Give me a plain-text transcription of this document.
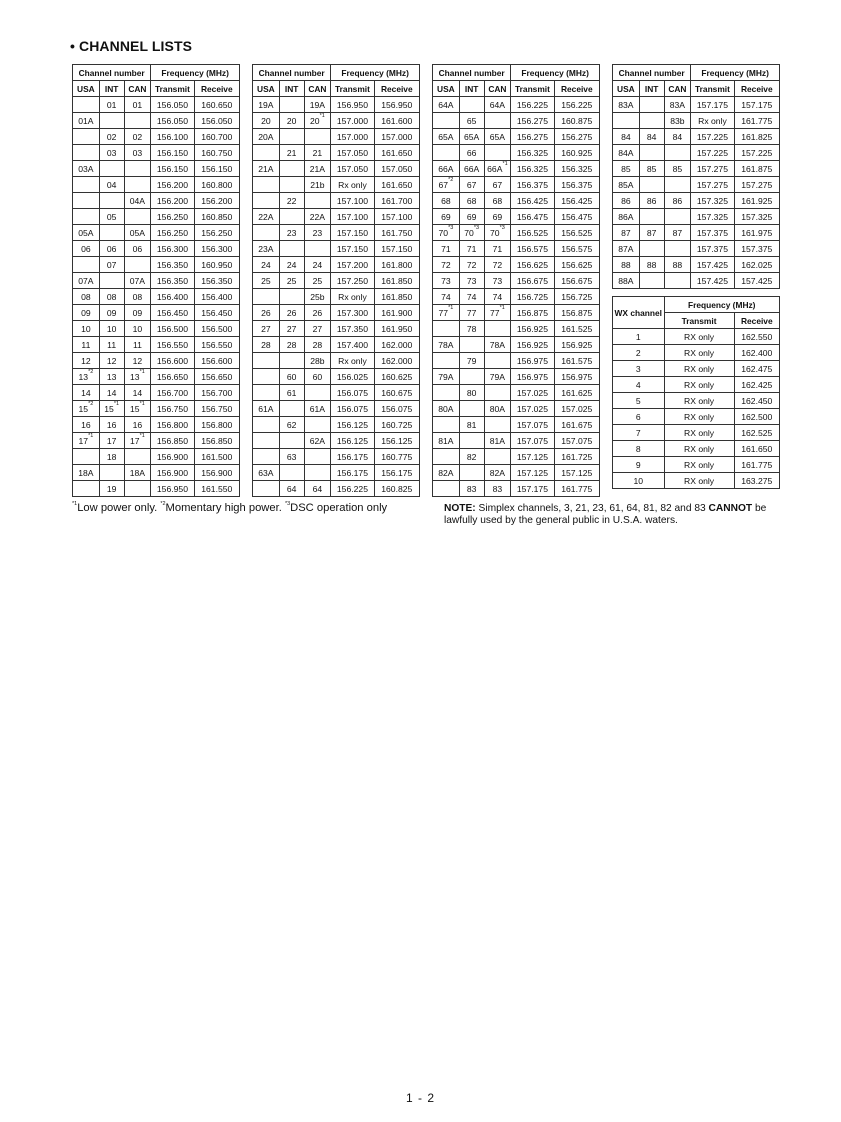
• CHANNEL LISTS
Channel number			Frequency (MHz)	
USA	INT	CAN	Transmit	Receive
	01	01	156.050	160.650
01A			156.050	156.050
	02	02	156.100	160.700
	03	03	156.150	160.750
03A			156.150	156.150
	04		156.200	160.800
		04A	156.200	156.200
	05		156.250	160.850
05A		05A	156.250	156.250
06	06	06	156.300	156.300
	07		156.350	160.950
07A		07A	156.350	156.350
08	08	08	156.400	156.400
09	09	09	156.450	156.450
10	10	10	156.500	156.500
11	11	11	156.550	156.550
12	12	12	156.600	156.600
13$^{*2}$	13	13$^{*1}$	156.650	156.650
14	14	14	156.700	156.700
15$^{*2}$	15$^{*1}$	15$^{*1}$	156.750	156.750
16	16	16	156.800	156.800
17$^{*1}$	17	17$^{*1}$	156.850	156.850
	18		156.900	161.500
18A		18A	156.900	156.900
	19		156.950	161.550
Channel number			Frequency (MHz)	
USA	INT	CAN	Transmit	Receive
19A		19A	156.950	156.950
20	20	20$^{*1}$	157.000	161.600
20A			157.000	157.000
	21	21	157.050	161.650
21A		21A	157.050	157.050
		21b	Rx only	161.650
	22		157.100	161.700
22A		22A	157.100	157.100
	23	23	157.150	161.750
23A			157.150	157.150
24	24	24	157.200	161.800
25	25	25	157.250	161.850
		25b	Rx only	161.850
26	26	26	157.300	161.900
27	27	27	157.350	161.950
28	28	28	157.400	162.000
		28b	Rx only	162.000
	60	60	156.025	160.625
	61		156.075	160.675
61A		61A	156.075	156.075
	62		156.125	160.725
		62A	156.125	156.125
	63		156.175	160.775
63A			156.175	156.175
	64	64	156.225	160.825
Channel number			Frequency (MHz)	
USA	INT	CAN	Transmit	Receive
64A		64A	156.225	156.225
	65		156.275	160.875
65A	65A	65A	156.275	156.275
	66		156.325	160.925
66A	66A	$66A^{*1}$	156.325	156.325
67$^{*2}$	67	67	156.375	156.375
68	68	68	156.425	156.425
69	69	69	156.475	156.475
70$^{*3}$	70$^{*3}$	70$^{*3}$	156.525	156.525
71	71	71	156.575	156.575
72	72	72	156.625	156.625
73	73	73	156.675	156.675
74	74	74	156.725	156.725
77$^{*1}$	77	77$^{*1}$	156.875	156.875
	78		156.925	161.525
78A		78A	156.925	156.925
	79		156.975	161.575
79A		79A	156.975	156.975
	80		157.025	161.625
80A		80A	157.025	157.025
	81		157.075	161.675
81A		81A	157.075	157.075
	82		157.125	161.725
82A		82A	157.125	157.125
	83	83	157.175	161.775
Channel number			Frequency (MHz)	
USA	INT	CAN	Transmit	Receive
83A		83A	157.175	157.175
		83b	Rx only	161.775
84	84	84	157.225	161.825
84A			157.225	157.225
85	85	85	157.275	161.875
85A			157.275	157.275
86	86	86	157.325	161.925
86A			157.325	157.325
87	87	87	157.375	161.975
87A			157.375	157.375
88	88	88	157.425	162.025
88A			157.425	157.425

WX channel		Frequency (MHz)		
		Transmit		Receive
1		RX only		162.550
2		RX only		162.400
3		RX only		162.475
4		RX only		162.425
5		RX only		162.450
6		RX only		162.500
7		RX only		162.525
8		RX only		161.650
9		RX only		161.775
10		RX only		163.275
$^{*1}$Low power only. $^{*2}$Momentary high power. $^{*3}$DSC operation only	NOTE: Simplex channels, 3, 21, 23, 61, 64, 81, 82 and 83 CANNOT be lawfully used by the general public in U.S.A. waters.
1 - 2
